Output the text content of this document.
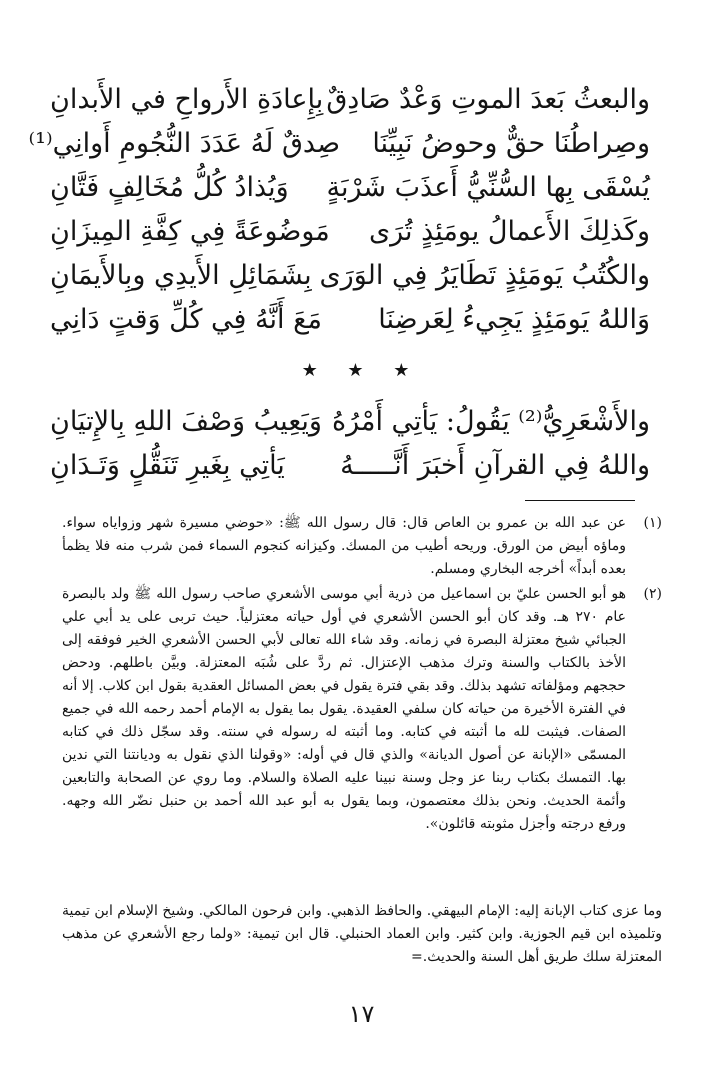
والبعثُ بَعدَ الموتِ وَعْدٌ صَادِقٌ
بِإِعادَةِ الأَرواحِ في الأَبدانِ
وصِراطُنَا حقٌّ وحوضُ نَبِيِّنَا
صِدقٌ لَهُ عَدَدَ النُّجُومِ أَوانِي⁽¹⁾
يُسْقَى بِها السُّنِّيُّ أَعذَبَ شَرْبَةٍ
وَيُذادُ كُلُّ مُخَالِفٍ فَتَّانِ
وكَذلِكَ الأَعمالُ يومَئِذٍ تُرَى
مَوضُوعَةً فِي كِفَّةِ المِيزَانِ
والكُتُبُ يَومَئِذٍ تَطَايَرُ فِي الوَرَى
بِشَمَائِلِ الأَيدِي وبِالأَيمَانِ
وَاللهُ يَومَئِذٍ يَجِيءُ لِعَرضِنَا
مَعَ أَنَّهُ فِي كُلِّ وَقتٍ دَانِي
★ ★ ★
والأَشْعَرِيُّ⁽²⁾ يَقُولُ: يَأتِي أَمْرُهُ
وَيَعِيبُ وَصْفَ اللهِ بِالإِتيَانِ
واللهُ فِي القرآنِ أَخبَرَ أَنَّـــــهُ
يَأتِي بِغَيرِ تَنَقُّلٍ وَتَـدَانِ
(١)
عن عبد الله بن عمرو بن العاص قال: قال رسول الله ﷺ: «حوضي مسيرة شهر وزواياه سواء. وماؤه أبيض من الورق. وريحه أطيب من المسك. وكيزانه كنجوم السماء فمن شرب منه فلا يظمأ بعده أبداً» أخرجه البخاري ومسلم.
(٢)
هو أبو الحسن عليّ بن اسماعيل من ذرية أبي موسى الأشعري صاحب رسول الله ﷺ ولد بالبصرة عام ٢٧٠ هـ. وقد كان أبو الحسن الأشعري في أول حياته معتزلياً. حيث تربى على يد أبي علي الجبائي شيخ معتزلة البصرة في زمانه. وقد شاء الله تعالى لأبي الحسن الأشعري الخير فوفقه إلى الأخذ بالكتاب والسنة وترك مذهب الإعتزال. ثم ردَّ على شُبَه المعتزلة. وبيَّن باطلهم. ودحض حججهم ومؤلفاته تشهد بذلك. وقد بقي فترة يقول في بعض المسائل العقدية بقول ابن كلاب. إلا أنه في الفترة الأخيرة من حياته كان سلفي العقيدة. يقول بما يقول به الإمام أحمد رحمه الله في جميع الصفات. فيثبت لله ما أثبته في كتابه. وما أثبته له رسوله في سنته. وقد سجّل ذلك في كتابه المسمّى «الإبانة عن أصول الديانة» والذي قال في أوله: «وقولنا الذي نقول به وديانتنا التي ندين بها. التمسك بكتاب ربنا عز وجل وسنة نبينا عليه الصلاة والسلام. وما روي عن الصحابة والتابعين وأئمة الحديث. ونحن بذلك معتصمون، وبما يقول به أبو عبد الله أحمد بن حنبل نضّر الله وجهه. ورفع درجته وأجزل مثوبته قائلون».
وما عزى كتاب الإبانة إليه: الإمام البيهقي. والحافظ الذهبي. وابن فرحون المالكي. وشيخ الإسلام ابن تيمية وتلميذه ابن قيم الجوزية. وابن كثير. وابن العماد الحنبلي. قال ابن تيمية: «ولما رجع الأشعري عن مذهب المعتزلة سلك طريق أهل السنة والحديث.=
١٧
